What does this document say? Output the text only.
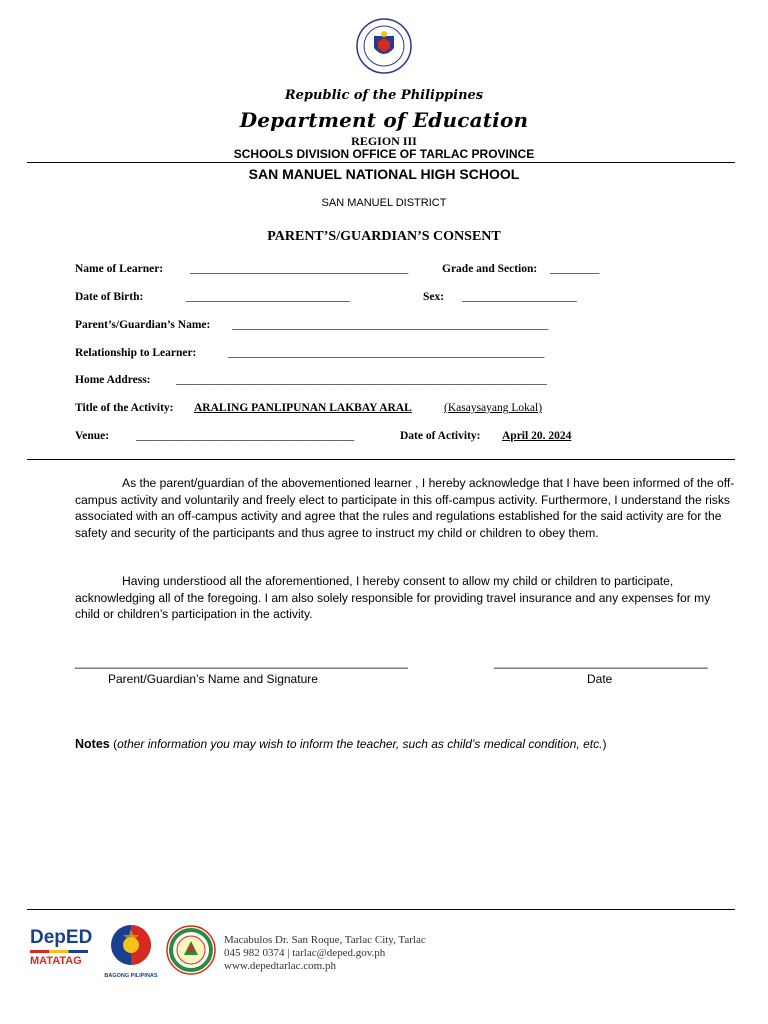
Republic of the Philippines
Department of Education
REGION III
SCHOOLS DIVISION OFFICE OF TARLAC PROVINCE
SAN MANUEL NATIONAL HIGH SCHOOL
SAN MANUEL DISTRICT
PARENT’S/GUARDIAN’S CONSENT
Name of Learner: ________________________________________	Grade and Section: _________
Date of Birth:	______________________________	Sex: _____________________
Parent’s/Guardian’s Name: __________________________________________________________
Relationship to Learner:	__________________________________________________________
Home Address: ____________________________________________________________________
Title of the Activity: ARALING PANLIPUNAN LAKBAY ARAL	(Kasaysayang Lokal)
Venue: ________________________________________	Date of Activity: April 20. 2024

As the parent/guardian of the abovementioned learner , I hereby acknowledge that I have been informed of the off-campus activity and voluntarily and freely elect to participate in this off-campus activity. Furthermore, I understand the risks associated with an off-campus activity and agree that the rules and regulations established for the said activity are for the safety and security of the participants and thus agree to instruct my child or children to obey them.

Having understiood all the aforementioned, I hereby consent to allow my child or children to participate, acknowledging all of the foregoing. I am also solely responsible for providing travel insurance and any expenses for my child or children’s participation in the activity.

_____________________________________________________
Parent/Guardian’s Name and Signature
__________________________________
Date
Notes (other information you may wish to inform the teacher, such as child’s medical condition, etc.)
DepED
MATATAG
BAGONG PILIPINAS
Macabulos Dr. San Roque, Tarlac City, Tarlac
045 982 0374 | tarlac@deped.gov.ph
www.depedtarlac.com.ph
